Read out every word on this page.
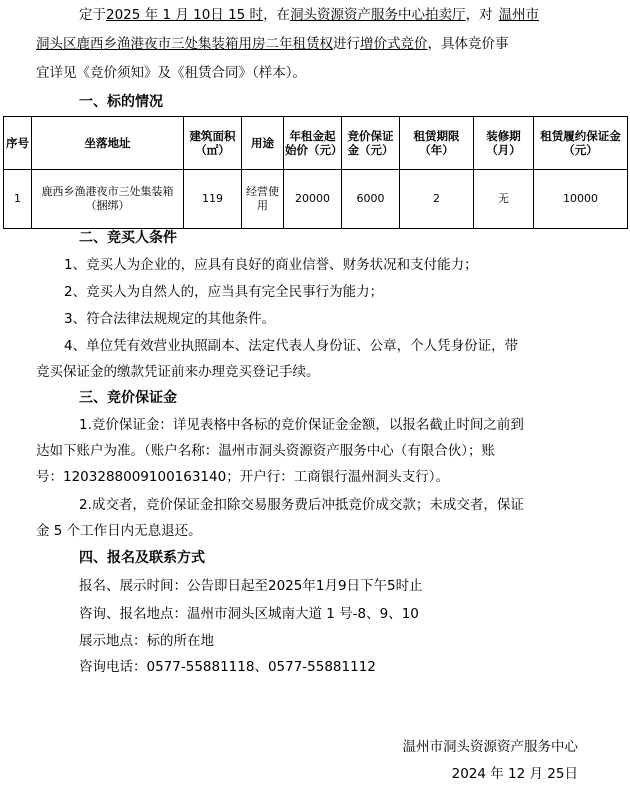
定于2025 年 1 月 10日 15 时，在洞头资源资产服务中心拍卖厅，对 温州市
洞头区鹿西乡渔港夜市三处集装箱用房二年租赁权进行增价式竞价，具体竞价事
宜详见《竞价须知》及《租赁合同》（样本）。
一、标的情况
序号	坐落地址	建筑面积（㎡）	用途	年租金起始价（元）	竞价保证金（元）	租赁期限（年）	装修期（月）	租赁履约保证金（元）
1	鹿西乡渔港夜市三处集装箱（捆绑）	119	经营使用	20000	6000	2	无	10000
二、竞买人条件
1、竞买人为企业的，应具有良好的商业信誉、财务状况和支付能力；
2、竞买人为自然人的，应当具有完全民事行为能力；
3、符合法律法规规定的其他条件。
4、单位凭有效营业执照副本、法定代表人身份证、公章，个人凭身份证，带
竞买保证金的缴款凭证前来办理竞买登记手续。
三、竞价保证金
1.竞价保证金：详见表格中各标的竞价保证金金额，以报名截止时间之前到
达如下账户为准。（账户名称：温州市洞头资源资产服务中心（有限合伙）；账
号：1203288009100163140；开户行：工商银行温州洞头支行）。
2.成交者，竞价保证金扣除交易服务费后冲抵竞价成交款；未成交者，保证
金 5 个工作日内无息退还。
四、报名及联系方式
报名、展示时间：公告即日起至2025年1月9日下午5时止
咨询、报名地点：温州市洞头区城南大道 1 号-8、9、10
展示地点：标的所在地
咨询电话：0577-55881118、0577-55881112
温州市洞头资源资产服务中心
2024 年 12 月 25日
